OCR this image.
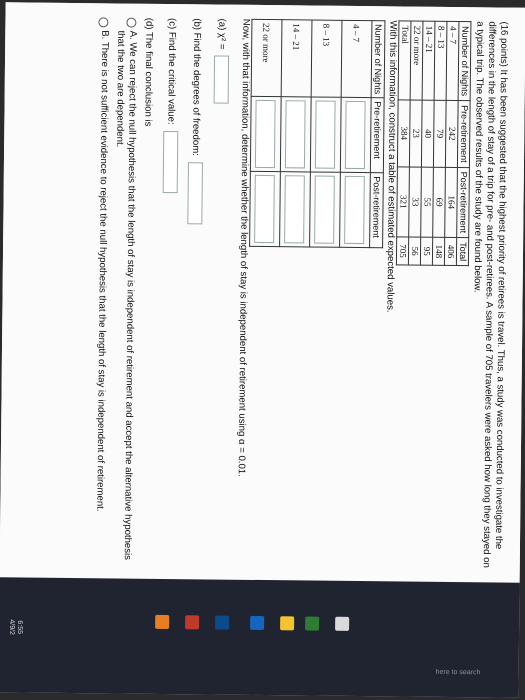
(16 points) It has been suggested that the highest priority of retirees is travel. Thus, a study was conducted to investigate the differences in the length of stay of a trip for pre- and post-retirees. A sample of 705 travelers were asked how long they stayed on a typical trip. The observed results of the study are found below.

Number of Nights	Pre-retirement	Post-retirement	Total
4 – 7	242	164	406
8 – 13	79	69	148
14 – 21	40	55	95
22 or more	23	33	56
Total	384	321	705

With this information, construct a table of estimated expected values.

Number of Nights	Pre-retirement	Post-retirement
4 – 7	

8 – 13	

14 – 21	

22 or more	

Now, with that information, determine whether the length of stay is independent of retirement using α = 0.01.

(a) χ² =
(b) Find the degrees of freedom:
(c) Find the critical value:
(d) The final conclusion is
A. We can reject the null hypothesis that the length of stay is independent of retirement and accept the alternative hypothesis that the two are dependent.
B. There is not sufficient evidence to reject the null hypothesis that the length of stay is independent of retirement.
here to search
6:55
4/9/2
